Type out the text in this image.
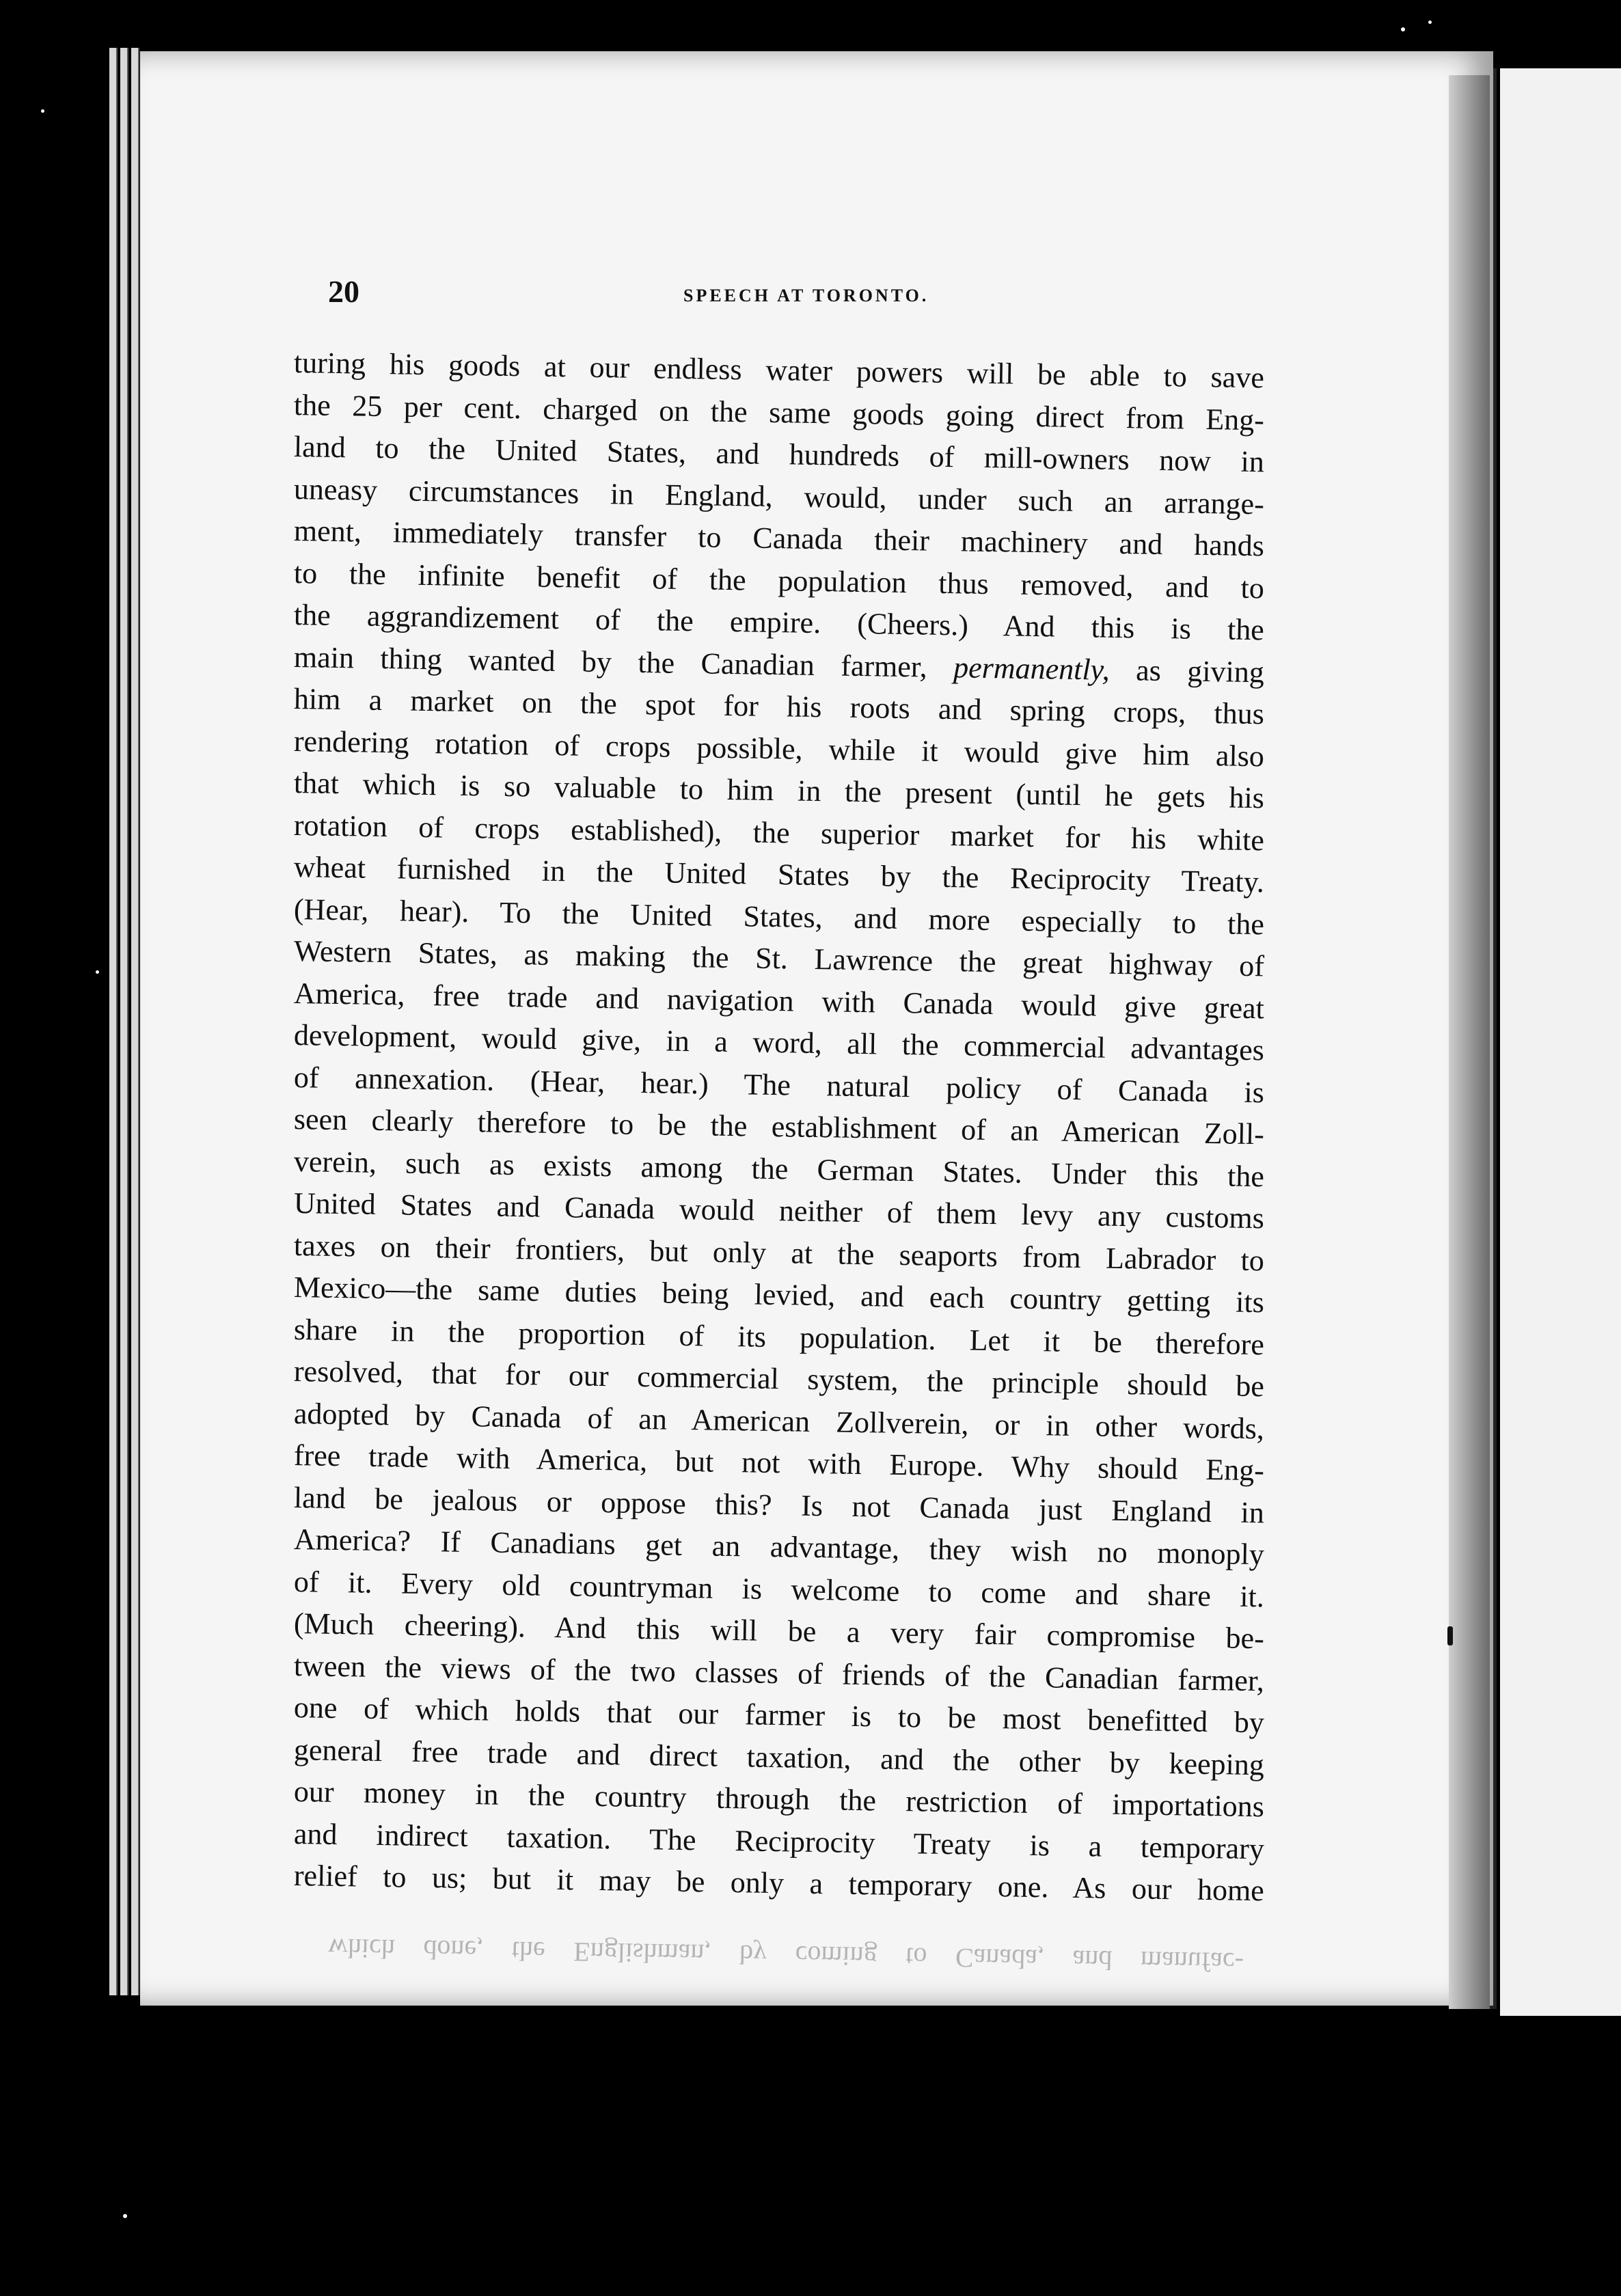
20	SPEECH AT TORONTO.
turing his goods at our endless water powers will be able to save
the 25 per cent. charged on the same goods going direct from Eng-
land to the United States, and hundreds of mill-owners now in
uneasy circumstances in England, would, under such an arrange-
ment, immediately transfer to Canada their machinery and hands
to the infinite benefit of the population thus removed, and to
the aggrandizement of the empire. (Cheers.) And this is the
main thing wanted by the Canadian farmer, permanently, as giving
him a market on the spot for his roots and spring crops, thus
rendering rotation of crops possible, while it would give him also
that which is so valuable to him in the present (until he gets his
rotation of crops established), the superior market for his white
wheat furnished in the United States by the Reciprocity Treaty.
(Hear, hear). To the United States, and more especially to the
Western States, as making the St. Lawrence the great highway of
America, free trade and navigation with Canada would give great
development, would give, in a word, all the commercial advantages
of annexation. (Hear, hear.) The natural policy of Canada is
seen clearly therefore to be the establishment of an American Zoll-
verein, such as exists among the German States. Under this the
United States and Canada would neither of them levy any customs
taxes on their frontiers, but only at the seaports from Labrador to
Mexico—the same duties being levied, and each country getting its
share in the proportion of its population. Let it be therefore
resolved, that for our commercial system, the principle should be
adopted by Canada of an American Zollverein, or in other words,
free trade with America, but not with Europe. Why should Eng-
land be jealous or oppose this? Is not Canada just England in
America? If Canadians get an advantage, they wish no monoply
of it. Every old countryman is welcome to come and share it.
(Much cheering). And this will be a very fair compromise be-
tween the views of the two classes of friends of the Canadian farmer,
one of which holds that our farmer is to be most benefitted by
general free trade and direct taxation, and the other by keeping
our money in the country through the restriction of importations
and indirect taxation. The Reciprocity Treaty is a temporary
relief to us; but it may be only a temporary one. As our home
which done, the Englishman, by coming to Canada, and manufac-
